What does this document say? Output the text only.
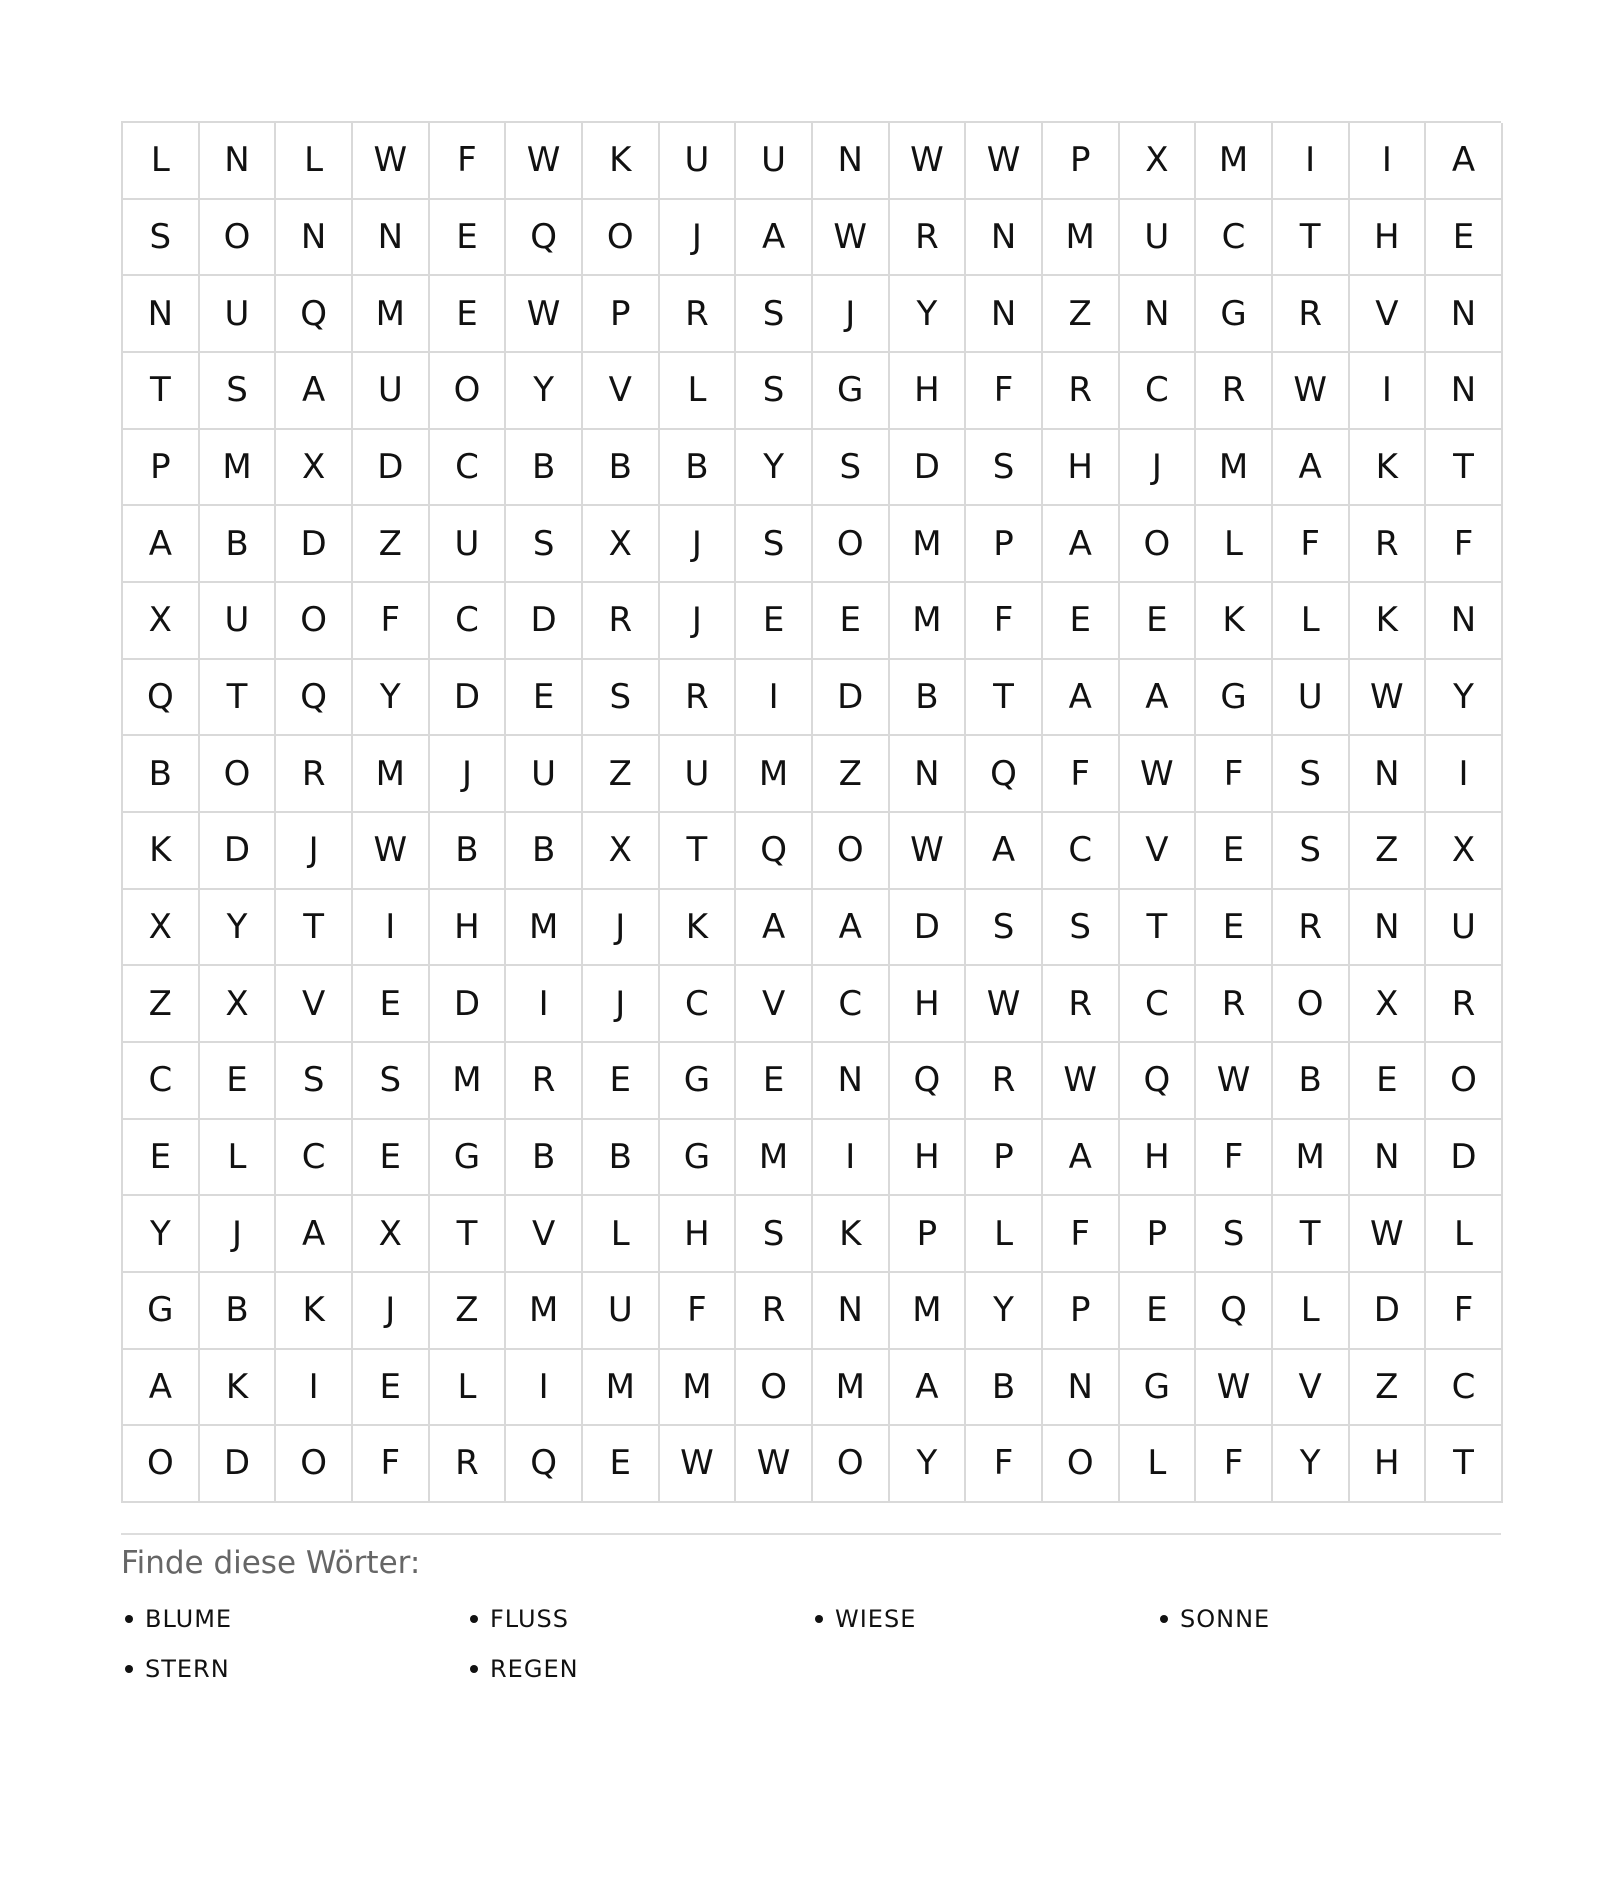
L	N	L	W	F	W	K	U	U	N	W	W	P	X	M	I	I	A
S	O	N	N	E	Q	O	J	A	W	R	N	M	U	C	T	H	E
N	U	Q	M	E	W	P	R	S	J	Y	N	Z	N	G	R	V	N
T	S	A	U	O	Y	V	L	S	G	H	F	R	C	R	W	I	N
P	M	X	D	C	B	B	B	Y	S	D	S	H	J	M	A	K	T
A	B	D	Z	U	S	X	J	S	O	M	P	A	O	L	F	R	F
X	U	O	F	C	D	R	J	E	E	M	F	E	E	K	L	K	N
Q	T	Q	Y	D	E	S	R	I	D	B	T	A	A	G	U	W	Y
B	O	R	M	J	U	Z	U	M	Z	N	Q	F	W	F	S	N	I
K	D	J	W	B	B	X	T	Q	O	W	A	C	V	E	S	Z	X
X	Y	T	I	H	M	J	K	A	A	D	S	S	T	E	R	N	U
Z	X	V	E	D	I	J	C	V	C	H	W	R	C	R	O	X	R
C	E	S	S	M	R	E	G	E	N	Q	R	W	Q	W	B	E	O
E	L	C	E	G	B	B	G	M	I	H	P	A	H	F	M	N	D
Y	J	A	X	T	V	L	H	S	K	P	L	F	P	S	T	W	L
G	B	K	J	Z	M	U	F	R	N	M	Y	P	E	Q	L	D	F
A	K	I	E	L	I	M	M	O	M	A	B	N	G	W	V	Z	C
O	D	O	F	R	Q	E	W	W	O	Y	F	O	L	F	Y	H	T
Finde diese Wörter:
BLUME	FLUSS	WIESE	SONNE
STERN	REGEN
